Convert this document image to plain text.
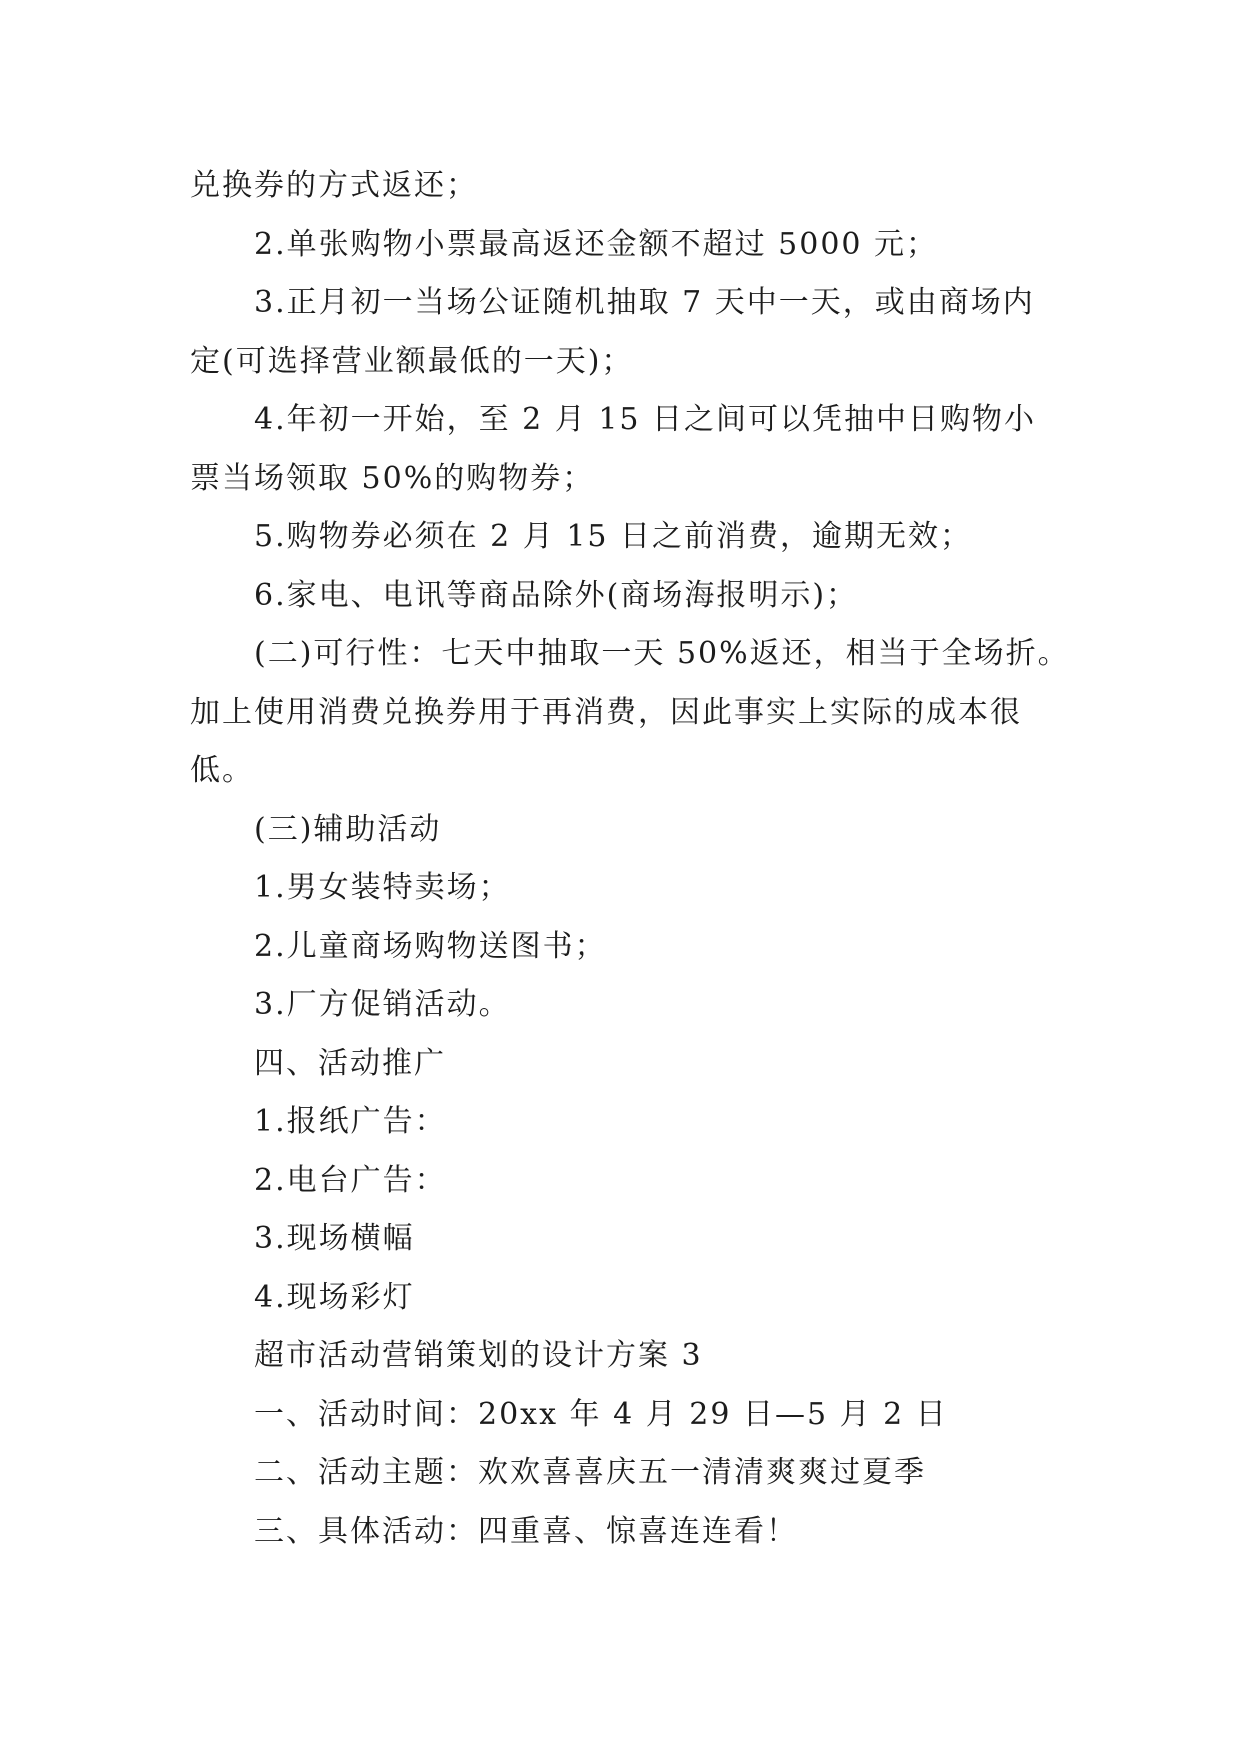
兑换券的方式返还；

2.单张购物小票最高返还金额不超过 5000 元；

3.正月初一当场公证随机抽取 7 天中一天，或由商场内

定(可选择营业额最低的一天)；

4.年初一开始，至 2 月 15 日之间可以凭抽中日购物小

票当场领取 50%的购物券；

5.购物券必须在 2 月 15 日之前消费，逾期无效；

6.家电、电讯等商品除外(商场海报明示)；

(二)可行性：七天中抽取一天 50%返还，相当于全场折。

加上使用消费兑换券用于再消费，因此事实上实际的成本很

低。

(三)辅助活动

1.男女装特卖场；

2.儿童商场购物送图书；

3.厂方促销活动。

四、活动推广

1.报纸广告：

2.电台广告：

3.现场横幅

4.现场彩灯

超市活动营销策划的设计方案 3

一、活动时间：20xx 年 4 月 29 日—5 月 2 日

二、活动主题：欢欢喜喜庆五一清清爽爽过夏季

三、具体活动：四重喜、惊喜连连看！
